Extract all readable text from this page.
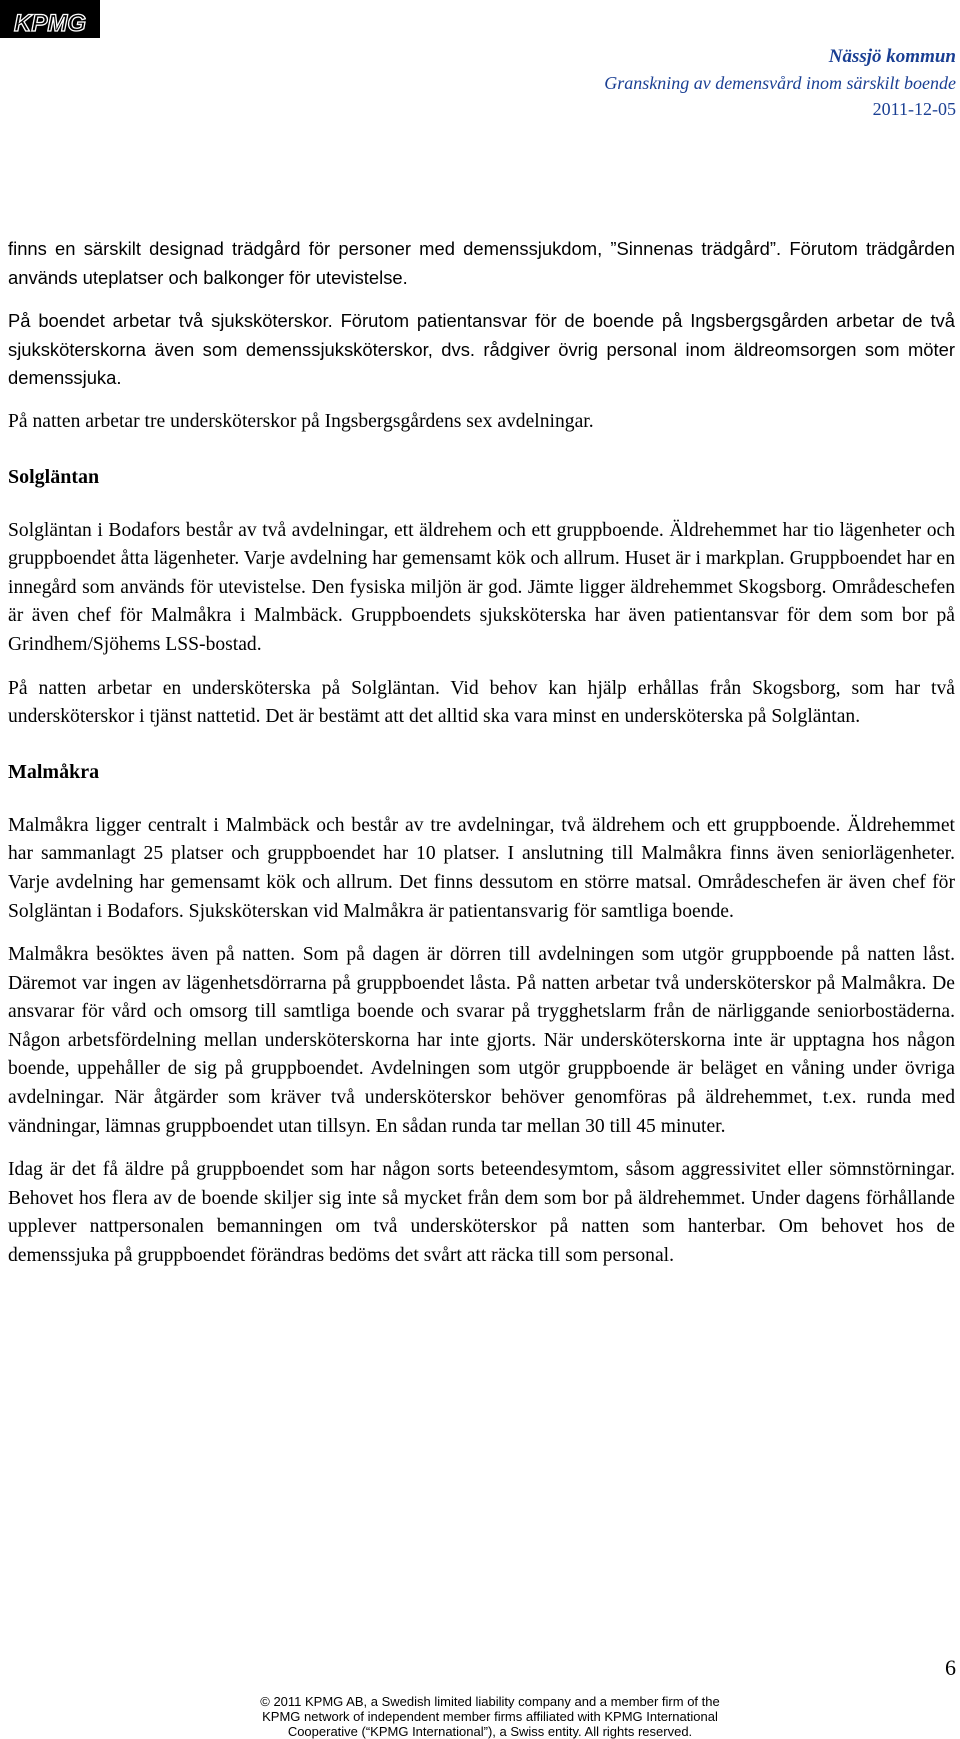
KPMG
Nässjö kommun
Granskning av demensvård inom särskilt boende
2011-12-05

finns en särskilt designad trädgård för personer med demenssjukdom, ”Sinnenas trädgård”. Förutom trädgården används uteplatser och balkonger för utevistelse.

På boendet arbetar två sjuksköterskor. Förutom patientansvar för de boende på Ingsbergsgården arbetar de två sjuksköterskorna även som demenssjuksköterskor, dvs. rådgiver övrig personal inom äldreomsorgen som möter demenssjuka.

På natten arbetar tre undersköterskor på Ingsbergsgårdens sex avdelningar.

Solgläntan

Solgläntan i Bodafors består av två avdelningar, ett äldrehem och ett gruppboende. Äldrehemmet har tio lägenheter och gruppboendet åtta lägenheter. Varje avdelning har gemensamt kök och allrum. Huset är i markplan. Gruppboendet har en innegård som används för utevistelse. Den fysiska miljön är god. Jämte ligger äldrehemmet Skogsborg. Områdeschefen är även chef för Malmåkra i Malmbäck. Gruppboendets sjuksköterska har även patientansvar för dem som bor på Grindhem/Sjöhems LSS-bostad.

På natten arbetar en undersköterska på Solgläntan. Vid behov kan hjälp erhållas från Skogsborg, som har två undersköterskor i tjänst nattetid. Det är bestämt att det alltid ska vara minst en undersköterska på Solgläntan.

Malmåkra

Malmåkra ligger centralt i Malmbäck och består av tre avdelningar, två äldrehem och ett gruppboende. Äldrehemmet har sammanlagt 25 platser och gruppboendet har 10 platser. I anslutning till Malmåkra finns även seniorlägenheter. Varje avdelning har gemensamt kök och allrum. Det finns dessutom en större matsal. Områdeschefen är även chef för Solgläntan i Bodafors. Sjuksköterskan vid Malmåkra är patientansvarig för samtliga boende.

Malmåkra besöktes även på natten. Som på dagen är dörren till avdelningen som utgör gruppboende på natten låst. Däremot var ingen av lägenhetsdörrarna på gruppboendet låsta. På natten arbetar två undersköterskor på Malmåkra. De ansvarar för vård och omsorg till samtliga boende och svarar på trygghetslarm från de närliggande seniorbostäderna. Någon arbetsfördelning mellan undersköterskorna har inte gjorts. När undersköterskorna inte är upptagna hos någon boende, uppehåller de sig på gruppboendet. Avdelningen som utgör gruppboende är beläget en våning under övriga avdelningar. När åtgärder som kräver två undersköterskor behöver genomföras på äldrehemmet, t.ex. runda med vändningar, lämnas gruppboendet utan tillsyn. En sådan runda tar mellan 30 till 45 minuter.

Idag är det få äldre på gruppboendet som har någon sorts beteendesymtom, såsom aggressivitet eller sömnstörningar. Behovet hos flera av de boende skiljer sig inte så mycket från dem som bor på äldrehemmet. Under dagens förhållande upplever nattpersonalen bemanningen om två undersköterskor på natten som hanterbar. Om behovet hos de demenssjuka på gruppboendet förändras bedöms det svårt att räcka till som personal.

6
© 2011 KPMG AB, a Swedish limited liability company and a member firm of the
KPMG network of independent member firms affiliated with KPMG International
Cooperative (“KPMG International”), a Swiss entity. All rights reserved.
